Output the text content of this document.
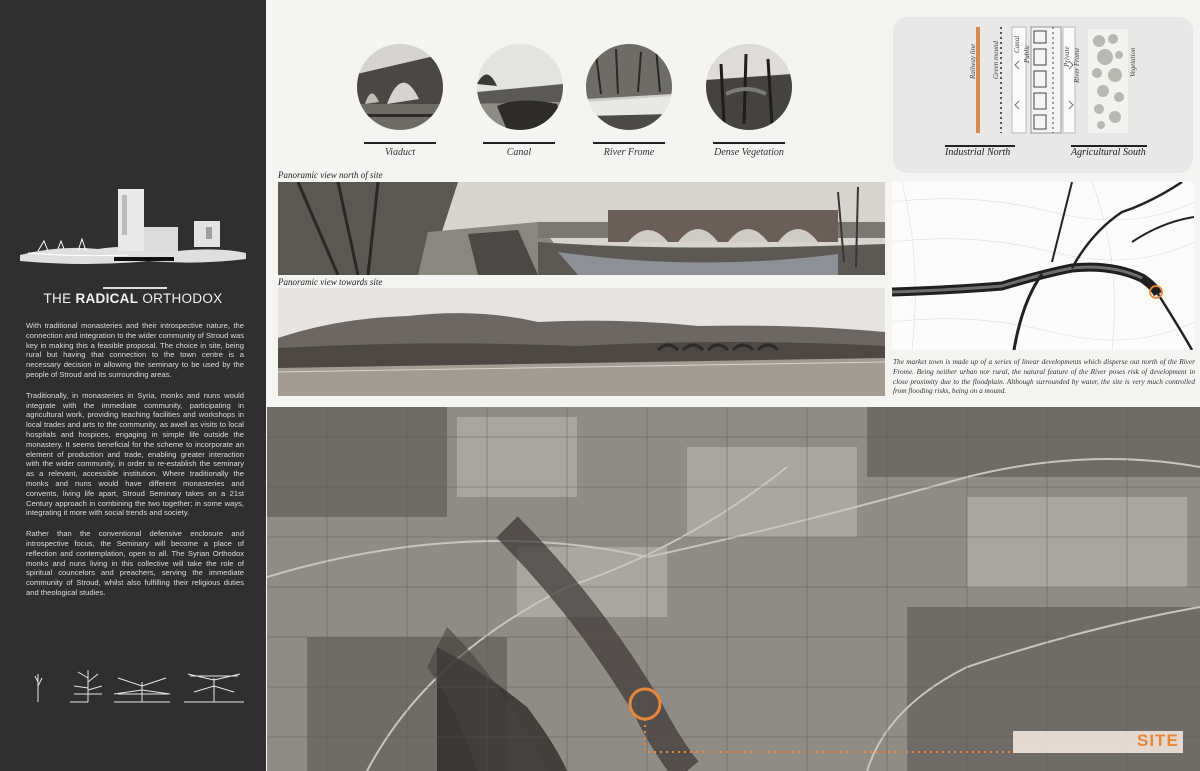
THE RADICAL ORTHODOX

With traditional monasteries and their introspective nature, the connection and integration to the wider community of Stroud was key in making this a feasible proposal. The choice in site, being rural but having that connection to the town centre is a necessary decision in allowing the seminary to be used by the people of Stroud and its surrounding areas.

Traditionally, in monasteries in Syria, monks and nuns would integrate with the immediate community, participating in agricultural work, providing teaching facilities and workshops in local trades and arts to the community, as awell as visits to local hospitals and hospices, engaging in simple life outside the monastery. It seems beneficial for the scheme to incorporate an element of production and trade, enabling greater interaction with the wider community, in order to re-establish the seminary as a relevant, accessible institution. Where traditionally the monks and nuns would have different monasteries and convents, living life apart, Stroud Seminary takes on a 21st Century approach in combining the two together; in some ways, integrating it more with social trends and society.

Rather than the conventional defensive enclosure and introspective focus, the Seminary will become a place of reflection and contemplation, open to all. The Syrian Orthodox monks and nuns living in this collective will take the role of spiritual councelors and preachers, serving the immediate community of Stroud, whilst also fulfilling their religious duties and theological studies.

Viaduct	Canal	River Frome	Dense Vegetation
Railway line Green mound Canal
Public	Private River Frome	Vegetation
Industrial North	Agricultural South
Panoramic view north of site
Panoramic view towards site
The market town is made up of a series of linear developments which disperse out north of the River Frome. Being neither urban nor rural, the natural feature of the River poses risk of development in close proximity due to the floodplain. Although surrounded by water, the site is very much controlled from flooding risks, being on a mound.
SITE
